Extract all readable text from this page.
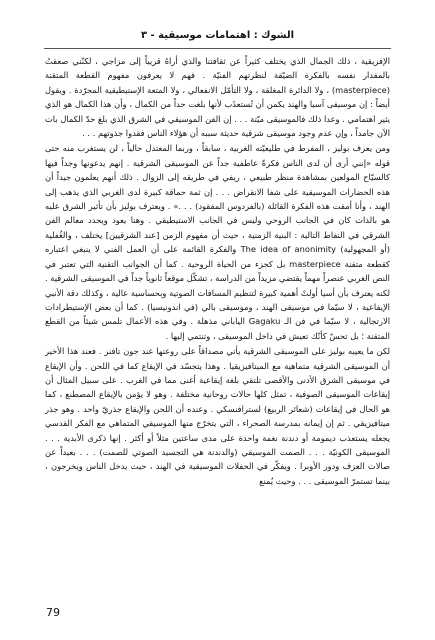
الشوك : اهتمامات موسيقية - ٣

الإفريقية ، ذلك الجمال الذي يختلف كثيراً عن ثقافتنا والذي أراهُ قريباً إلى مزاجي ، لكنّني صعقتُ بالمقدار نفسه بالفكرة الضيّقة لنظرتهم الفنيّة . فهم لا يعرفون مفهوم القطعة المتقنة (masterpiece) ، ولا الدائرة المغلقة ، ولا التأمّل الانفعالي ، ولا المتعة الإستيطيقية المجرّدة . ويقول أيضاً : إن موسيقى آسيا والهند يكمن أن تُستعذَب لأنها بلغت حداً من الكمال ، وأن هذا الكمال هو الذي يثير اهتمامي . وعدا ذلك فالموسيقى ميّتة . . . إن الفن الموسيقي في الشرق الذي بلغ حدّ الكمال بات الآن جامداً ، وإن عدم وجود موسيقى شرقية حديثة سببه أن هؤلاء الناس فقدوا جذوتهم . . .

ومن يعرف بوليز ، المفرط في طليعيّته الغربية ، سابقاً ، وربما المعتدل حالياً ، لن يستغرب منه حتى قوله «إنني أرى أن لدى الناس فكرةً عاطفية جداً عن الموسيقى الشرقية . إنهم يدعونها وجداً فيها كالسيّاح المولعين بمشاهدة منظر طبيعي ، ريفي في طريقه إلى الزوال . ذلك أنهم يعلمون جيداً أن هذه الحضارات الموسيقية على شفا الانقراض . . . إن ثمة حماقة كبيرة لدى الغربي الذي يذهب إلى الهند ، وأنا أمقت هذه الفكرة القائلة (بالفردوس المفقود) . . .» . ويعترف بوليز بأن تأثير الشرق عليه هو بالذات كان في الجانب الروحي وليس في الجانب الاستيطيقي . وهنا يعود ويحدد معالم الفن الشرقي في النقاط التالية : البنية الزمنية ، حيث أن مفهوم الزمن [عند الشرقيين] يختلف ، والغُفلية (أو المجهولية) The idea of anonimity والفكرة القائمة على أن العمل الفني لا ينبغي اعتباره كقطعة متقنة masterpiece بل كجزء من الحياة الروحية . كما أن الجوانب التقنية التي تعتبر في النص الغربي عنصراً مهماً يقتضي مزيداً من الدراسة ، تشكّل موقعاً ثانوياً جداً في الموسيقى الشرقية . لكنه يعترف بأن أسيا أولتْ أهمية كبيرة لتنظيم المسافات الصوتية وبحساسية عالية ، وكذلك دقة الأنبي الإيقاعية ، لا سيّما في موسيقى الهند ، وموسيقى بالي (في اندونيسيا) . كما أن بعض الإستيطرادات الارتجالية ، لا سيّما في فن الـ Gagaku الياباني مذهلة . وفي هذه الأعمال تلمس شيئاً من القطع المتقنة ؛ بل تحسّ كأنّك تعيش في داخل الموسيقى ، وتنتمي إليها .

لكن ما يعيبه بوليز على الموسيقى الشرقية يأتي مصداقاً على روعتها عند جون تافنر . فعند هذا الأخير أن الموسيقى الشرقية متماهية مع الميتافيزيقيا . وهذا يتجسّد في الإيقاع كما في اللحن . وأن الإيقاع في موسيقى الشرق الأدنى والأقصى تلتقي بلغة إيقاعية أغنى مما في الغرب . على سبيل المثال أن إيقاعات الموسيقى الصوفية ، تمثل كلها حالات روحانية مختلفة . وهو لا يؤمن بالإيقاع المصطنع ، كما هو الحال في إيقاعات (شعائر الربيع) لسترافنسكي . وعنده أن اللحن والإيقاع جذريّ واحد . وهو جذر ميتافيزيقي . ثم إن إيمانه بمدرسة الصحراء ، التي يتخرّج منها الموسيقي المتماهي مع الفكر القدسي يجعله يستعذب ديمومة أو دندنة نغمة واحدة على مدى ساعتين مثلاً أو أكثر . إنها ذكرى الأبدية . . . الموسيقى الكونيّة . . . الصمت الموسيقي (والدندنة هي التجسيد الصوتي للصمت) . . . بعيداً عن صالات العزف ودور الأوبرا . ويفكّر في الحفلات الموسيقية في الهند ، حيث يدخل الناس ويخرجون ، بينما تستمرّ الموسيقى . . . وحيث يُمنع

79
